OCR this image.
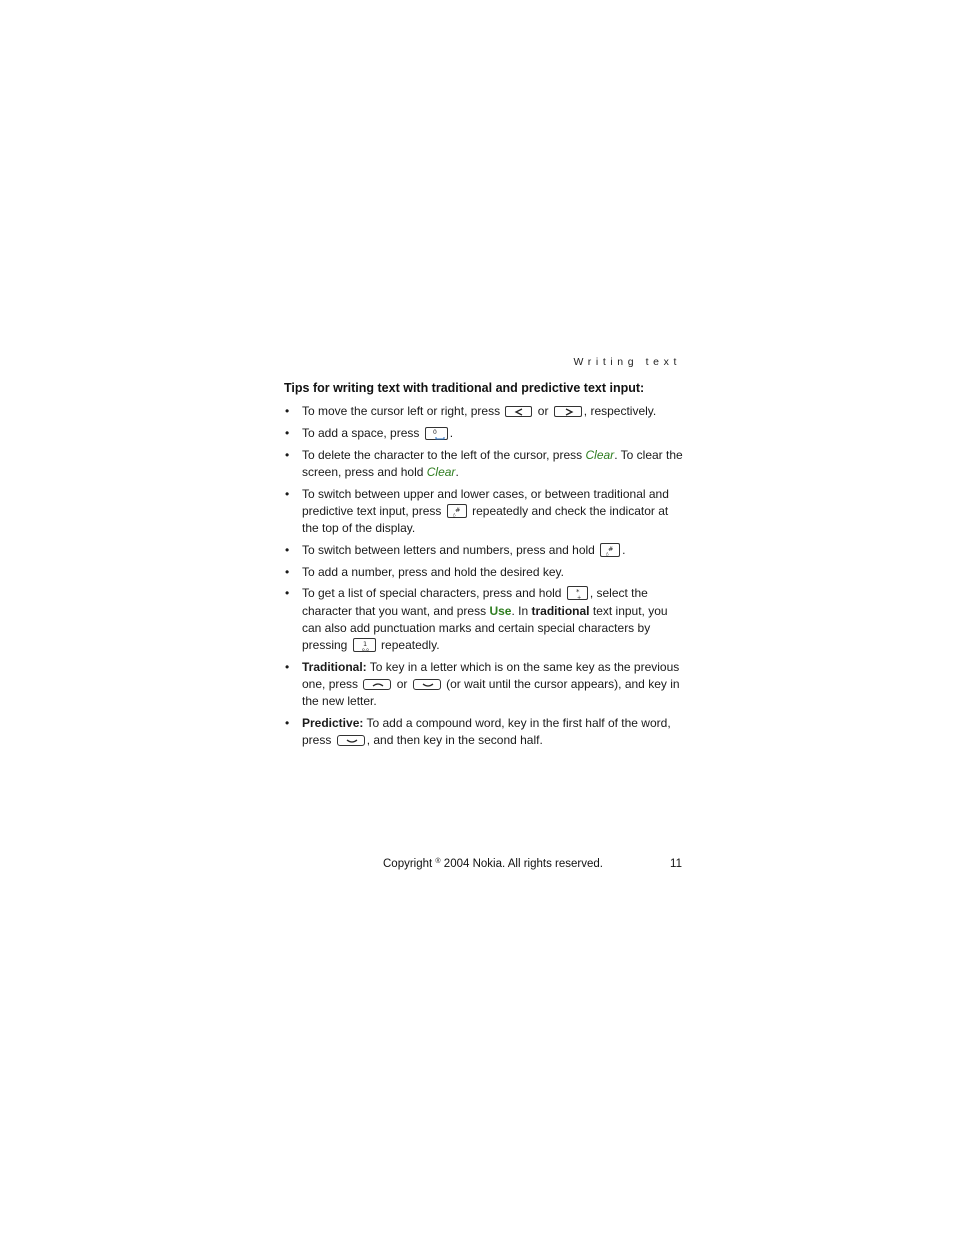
Writing text
Tips for writing text with traditional and predictive text input:
• To move the cursor left or right, press	or	, respectively.
• To add a space, press 0 .
• To delete the character to the left of the cursor, press Clear. To clear the screen, press and hold Clear.
• To switch between upper and lower cases, or between traditional and predictive text input, press #
◊ repeatedly and check the indicator at the top of the display.
• To switch between letters and numbers, press and hold #
◊ .
• To add a number, press and hold the desired key.
• To get a list of special characters, press and hold *
+ , select the character that you want, and press Use. In traditional text input, you can also add punctuation marks and certain special characters by pressing 1
o.o repeatedly.
• Traditional: To key in a letter which is on the same key as the previous one, press	or	(or wait until the cursor appears), and key in the new letter.
• Predictive: To add a compound word, key in the first half of the word, press	, and then key in the second half.
Copyright ® 2004 Nokia. All rights reserved.	11
